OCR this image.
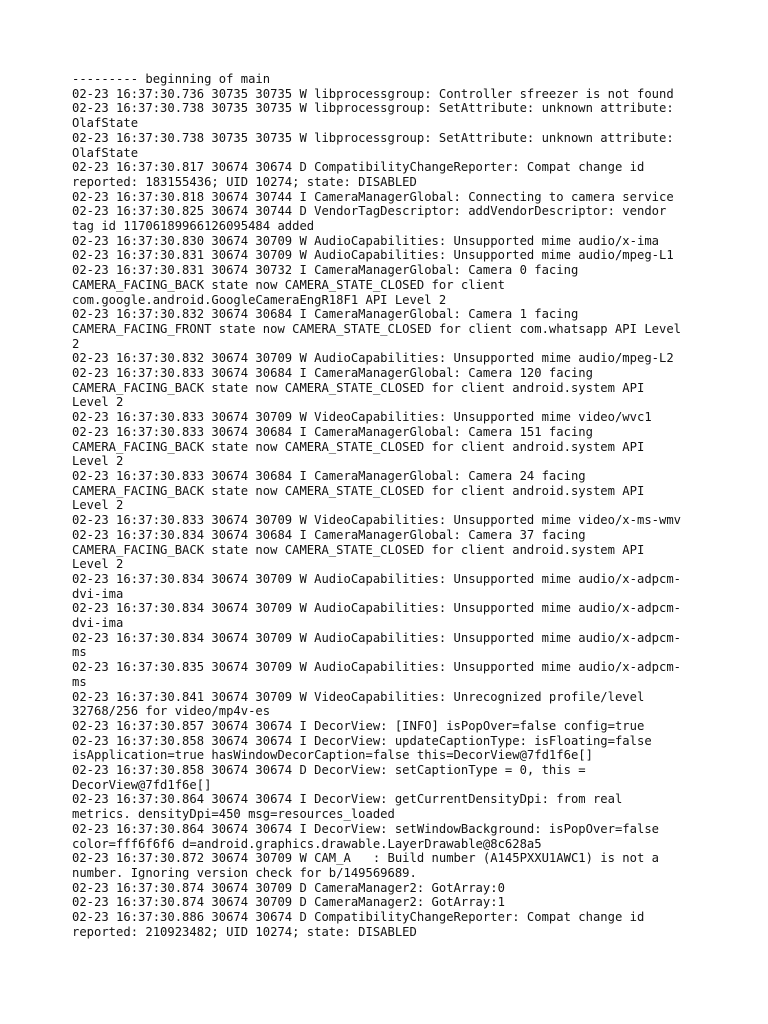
--------- beginning of main
02-23 16:37:30.736 30735 30735 W libprocessgroup: Controller sfreezer is not found
02-23 16:37:30.738 30735 30735 W libprocessgroup: SetAttribute: unknown attribute:
OlafState
02-23 16:37:30.738 30735 30735 W libprocessgroup: SetAttribute: unknown attribute:
OlafState
02-23 16:37:30.817 30674 30674 D CompatibilityChangeReporter: Compat change id
reported: 183155436; UID 10274; state: DISABLED
02-23 16:37:30.818 30674 30744 I CameraManagerGlobal: Connecting to camera service
02-23 16:37:30.825 30674 30744 D VendorTagDescriptor: addVendorDescriptor: vendor
tag id 11706189966126095484 added
02-23 16:37:30.830 30674 30709 W AudioCapabilities: Unsupported mime audio/x-ima
02-23 16:37:30.831 30674 30709 W AudioCapabilities: Unsupported mime audio/mpeg-L1
02-23 16:37:30.831 30674 30732 I CameraManagerGlobal: Camera 0 facing
CAMERA_FACING_BACK state now CAMERA_STATE_CLOSED for client
com.google.android.GoogleCameraEngR18F1 API Level 2
02-23 16:37:30.832 30674 30684 I CameraManagerGlobal: Camera 1 facing
CAMERA_FACING_FRONT state now CAMERA_STATE_CLOSED for client com.whatsapp API Level
2
02-23 16:37:30.832 30674 30709 W AudioCapabilities: Unsupported mime audio/mpeg-L2
02-23 16:37:30.833 30674 30684 I CameraManagerGlobal: Camera 120 facing
CAMERA_FACING_BACK state now CAMERA_STATE_CLOSED for client android.system API
Level 2
02-23 16:37:30.833 30674 30709 W VideoCapabilities: Unsupported mime video/wvc1
02-23 16:37:30.833 30674 30684 I CameraManagerGlobal: Camera 151 facing
CAMERA_FACING_BACK state now CAMERA_STATE_CLOSED for client android.system API
Level 2
02-23 16:37:30.833 30674 30684 I CameraManagerGlobal: Camera 24 facing
CAMERA_FACING_BACK state now CAMERA_STATE_CLOSED for client android.system API
Level 2
02-23 16:37:30.833 30674 30709 W VideoCapabilities: Unsupported mime video/x-ms-wmv
02-23 16:37:30.834 30674 30684 I CameraManagerGlobal: Camera 37 facing
CAMERA_FACING_BACK state now CAMERA_STATE_CLOSED for client android.system API
Level 2
02-23 16:37:30.834 30674 30709 W AudioCapabilities: Unsupported mime audio/x-adpcm-
dvi-ima
02-23 16:37:30.834 30674 30709 W AudioCapabilities: Unsupported mime audio/x-adpcm-
dvi-ima
02-23 16:37:30.834 30674 30709 W AudioCapabilities: Unsupported mime audio/x-adpcm-
ms
02-23 16:37:30.835 30674 30709 W AudioCapabilities: Unsupported mime audio/x-adpcm-
ms
02-23 16:37:30.841 30674 30709 W VideoCapabilities: Unrecognized profile/level
32768/256 for video/mp4v-es
02-23 16:37:30.857 30674 30674 I DecorView: [INFO] isPopOver=false config=true
02-23 16:37:30.858 30674 30674 I DecorView: updateCaptionType: isFloating=false
isApplication=true hasWindowDecorCaption=false this=DecorView@7fd1f6e[]
02-23 16:37:30.858 30674 30674 D DecorView: setCaptionType = 0, this =
DecorView@7fd1f6e[]
02-23 16:37:30.864 30674 30674 I DecorView: getCurrentDensityDpi: from real
metrics. densityDpi=450 msg=resources_loaded
02-23 16:37:30.864 30674 30674 I DecorView: setWindowBackground: isPopOver=false
color=fff6f6f6 d=android.graphics.drawable.LayerDrawable@8c628a5
02-23 16:37:30.872 30674 30709 W CAM_A   : Build number (A145PXXU1AWC1) is not a
number. Ignoring version check for b/149569689.
02-23 16:37:30.874 30674 30709 D CameraManager2: GotArray:0
02-23 16:37:30.874 30674 30709 D CameraManager2: GotArray:1
02-23 16:37:30.886 30674 30674 D CompatibilityChangeReporter: Compat change id
reported: 210923482; UID 10274; state: DISABLED
